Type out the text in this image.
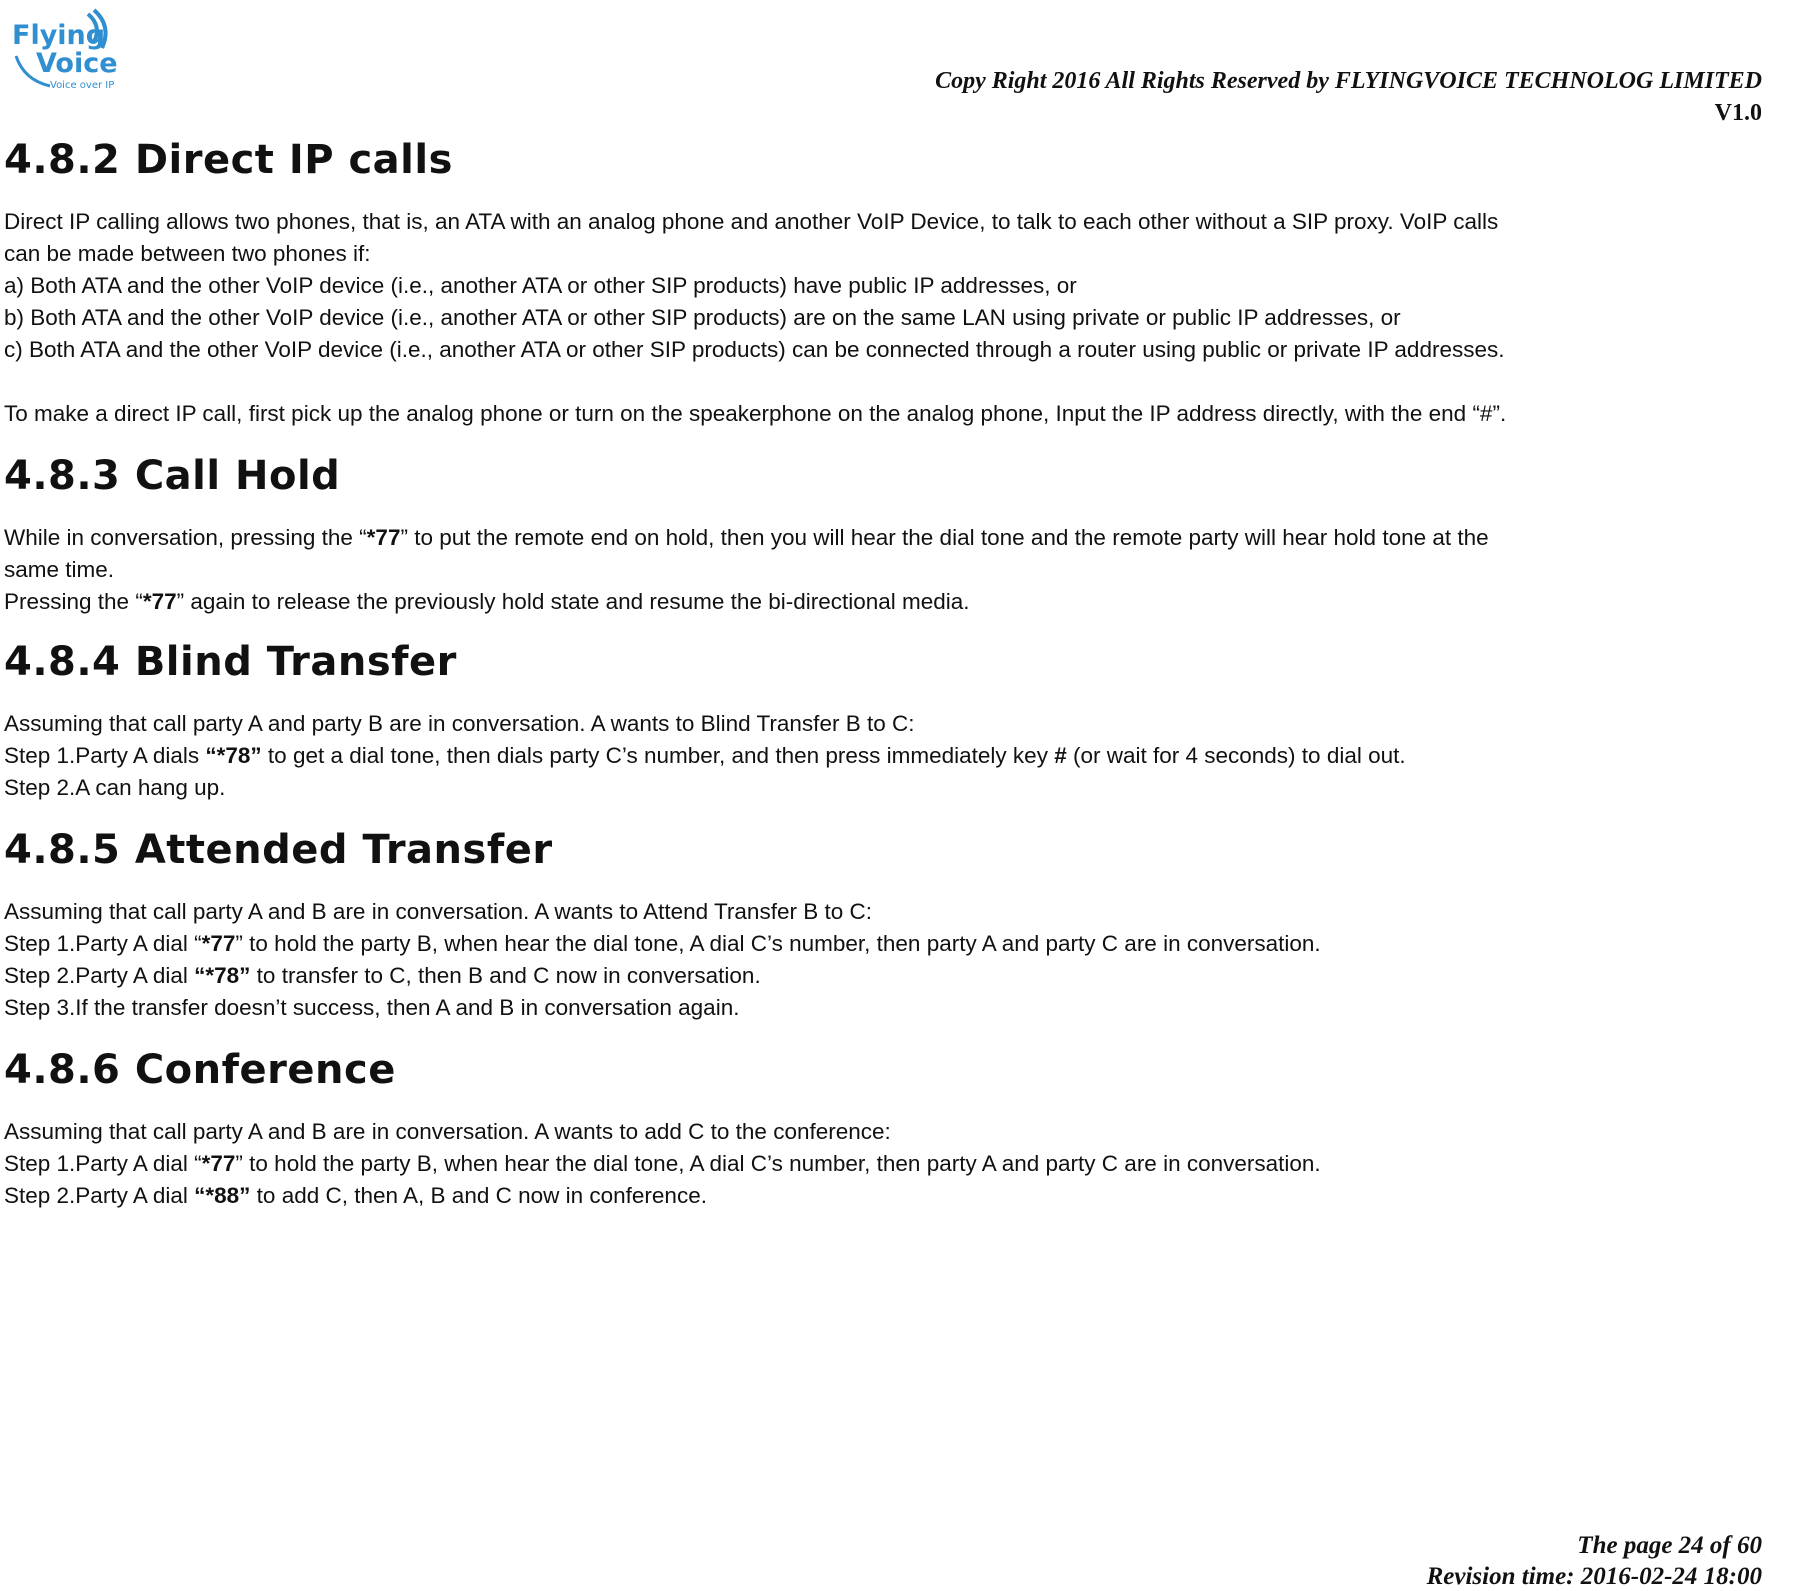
Flying
Voice
Voice over IP	Copy Right 2016 All Rights Reserved by FLYINGVOICE TECHNOLOG LIMITED
V1.0
4.8.2 Direct IP calls

Direct IP calling allows two phones, that is, an ATA with an analog phone and another VoIP Device, to talk to each other without a SIP proxy. VoIP calls

can be made between two phones if:

a) Both ATA and the other VoIP device (i.e., another ATA or other SIP products) have public IP addresses, or

b) Both ATA and the other VoIP device (i.e., another ATA or other SIP products) are on the same LAN using private or public IP addresses, or

c) Both ATA and the other VoIP device (i.e., another ATA or other SIP products) can be connected through a router using public or private IP addresses.

To make a direct IP call, first pick up the analog phone or turn on the speakerphone on the analog phone, Input the IP address directly, with the end “#”.

4.8.3 Call Hold

While in conversation, pressing the “*77” to put the remote end on hold, then you will hear the dial tone and the remote party will hear hold tone at the

same time.

Pressing the “*77” again to release the previously hold state and resume the bi-directional media.

4.8.4 Blind Transfer

Assuming that call party A and party B are in conversation. A wants to Blind Transfer B to C:

Step 1.Party A dials “*78” to get a dial tone, then dials party C’s number, and then press immediately key # (or wait for 4 seconds) to dial out.

Step 2.A can hang up.

4.8.5 Attended Transfer

Assuming that call party A and B are in conversation. A wants to Attend Transfer B to C:

Step 1.Party A dial “*77” to hold the party B, when hear the dial tone, A dial C’s number, then party A and party C are in conversation.

Step 2.Party A dial “*78” to transfer to C, then B and C now in conversation.

Step 3.If the transfer doesn’t success, then A and B in conversation again.

4.8.6 Conference

Assuming that call party A and B are in conversation. A wants to add C to the conference:

Step 1.Party A dial “*77” to hold the party B, when hear the dial tone, A dial C’s number, then party A and party C are in conversation.

Step 2.Party A dial “*88” to add C, then A, B and C now in conference.

The page 24 of 60
Revision time: 2016-02-24 18:00
